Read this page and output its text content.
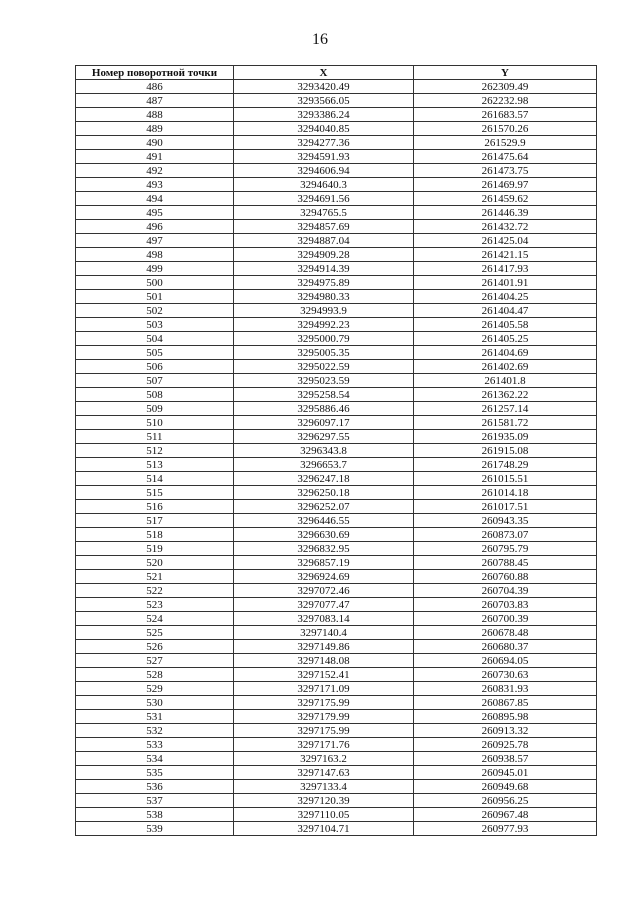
16
Номер поворотной точки	X	Y
486	3293420.49	262309.49
487	3293566.05	262232.98
488	3293386.24	261683.57
489	3294040.85	261570.26
490	3294277.36	261529.9
491	3294591.93	261475.64
492	3294606.94	261473.75
493	3294640.3	261469.97
494	3294691.56	261459.62
495	3294765.5	261446.39
496	3294857.69	261432.72
497	3294887.04	261425.04
498	3294909.28	261421.15
499	3294914.39	261417.93
500	3294975.89	261401.91
501	3294980.33	261404.25
502	3294993.9	261404.47
503	3294992.23	261405.58
504	3295000.79	261405.25
505	3295005.35	261404.69
506	3295022.59	261402.69
507	3295023.59	261401.8
508	3295258.54	261362.22
509	3295886.46	261257.14
510	3296097.17	261581.72
511	3296297.55	261935.09
512	3296343.8	261915.08
513	3296653.7	261748.29
514	3296247.18	261015.51
515	3296250.18	261014.18
516	3296252.07	261017.51
517	3296446.55	260943.35
518	3296630.69	260873.07
519	3296832.95	260795.79
520	3296857.19	260788.45
521	3296924.69	260760.88
522	3297072.46	260704.39
523	3297077.47	260703.83
524	3297083.14	260700.39
525	3297140.4	260678.48
526	3297149.86	260680.37
527	3297148.08	260694.05
528	3297152.41	260730.63
529	3297171.09	260831.93
530	3297175.99	260867.85
531	3297179.99	260895.98
532	3297175.99	260913.32
533	3297171.76	260925.78
534	3297163.2	260938.57
535	3297147.63	260945.01
536	3297133.4	260949.68
537	3297120.39	260956.25
538	3297110.05	260967.48
539	3297104.71	260977.93
